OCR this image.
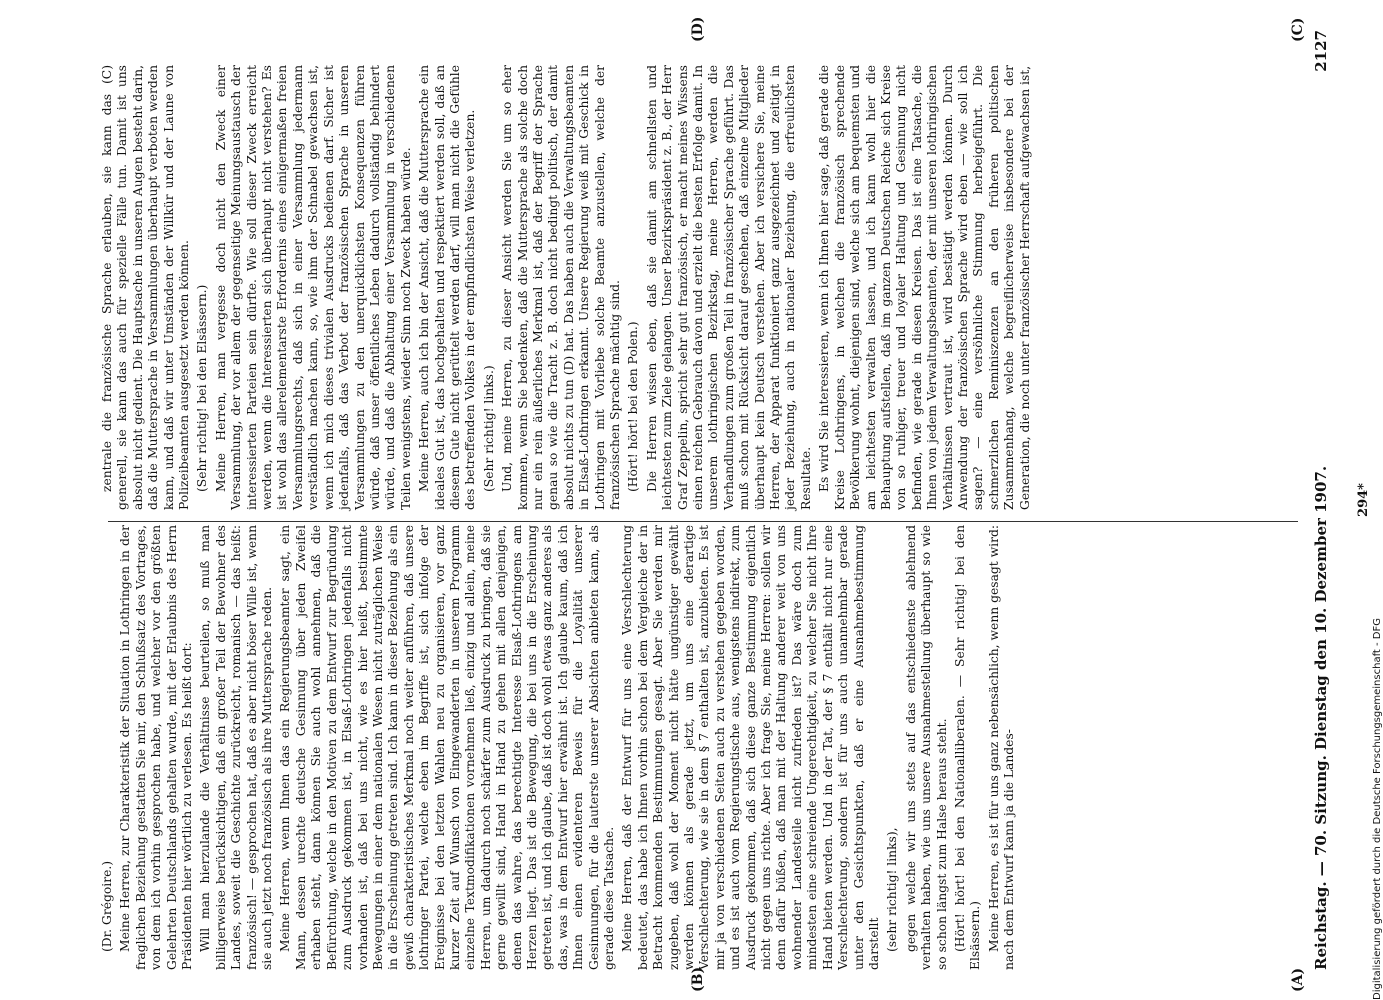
Reichstag. — 70. Sitzung. Dienstag den 10. Dezember 1907.
2127
(A)
(B)
(C)
(D)

(Dr. Grégoire.) Meine Herren, zur Charakteristik der Situation in Lothringen in der fraglichen Beziehung gestatten Sie mir, den Schlußsatz des Vortrages, von dem ich vorhin gesprochen habe, und welcher vor den größten Gelehrten Deutschlands gehalten wurde, mit der Erlaubnis des Herrn Präsidenten hier wörtlich zu verlesen. Es heißt dort: Will man hierzulande die Verhältnisse beurteilen, so muß man billigerweise berücksichtigen, daß ein großer Teil der Bewohner des Landes, soweit die Geschichte zurückreicht, romanisch — das heißt: französisch! — gesprochen hat, daß es aber nicht böser Wille ist, wenn sie auch jetzt noch französisch als ihre Muttersprache reden. Meine Herren, wenn Ihnen das ein Regierungsbeamter sagt, ein Mann, dessen urechte deutsche Gesinnung über jeden Zweifel erhaben steht, dann können Sie auch wohl annehmen, daß die Befürchtung, welche in den Motiven zu dem Entwurf zur Begründung zum Ausdruck gekommen ist, in Elsaß-Lothringen jedenfalls nicht vorhanden ist, daß bei uns nicht, wie es hier heißt, bestimmte Bewegungen in einer dem nationalen Wesen nicht zuträglichen Weise in die Erscheinung getreten sind. Ich kann in dieser Beziehung als ein gewiß charakteristisches Merkmal noch weiter anführen, daß unsere lothringer Partei, welche eben im Begriffe ist, sich infolge der Ereignisse bei den letzten Wahlen neu zu organisieren, vor ganz kurzer Zeit auf Wunsch von Eingewanderten in unserem Programm einzelne Textmodifikationen vornehmen ließ, einzig und allein, meine Herren, um dadurch noch schärfer zum Ausdruck zu bringen, daß sie gerne gewillt sind, Hand in Hand zu gehen mit allen denjenigen, denen das wahre, das berechtigte Interesse Elsaß-Lothringens am Herzen liegt. Das ist die Bewegung, die bei uns in die Erscheinung getreten ist, und ich glaube, daß ist doch wohl etwas ganz anderes als das, was in dem Entwurf hier erwähnt ist. Ich glaube kaum, daß ich Ihnen einen evidenteren Beweis für die Loyalität unserer Gesinnungen, für die lauterste unserer Absichten anbieten kann, als gerade diese Tatsache. Meine Herren, daß der Entwurf für uns eine Verschlechterung bedeutet, das habe ich Ihnen vorhin schon bei dem Vergleiche der in Betracht kommenden Bestimmungen gesagt. Aber Sie werden mir zugeben, daß wohl der Moment nicht hätte ungünstiger gewählt werden können als gerade jetzt, um uns eine derartige Verschlechterung, wie sie in dem § 7 enthalten ist, anzubieten. Es ist mir ja von verschiedenen Seiten auch zu verstehen gegeben worden, und es ist auch vom Regierungstische aus, wenigstens indirekt, zum Ausdruck gekommen, daß sich diese ganze Bestimmung eigentlich nicht gegen uns richte. Aber ich frage Sie, meine Herren: sollen wir denn dafür büßen, daß man mit der Haltung anderer weit von uns wohnender Landesteile nicht zufrieden ist? Das wäre doch zum mindesten eine schreiende Ungerechtigkeit, zu welcher Sie nicht Ihre Hand bieten werden. Und in der Tat, der § 7 enthält nicht nur eine Verschlechterung, sondern ist für uns auch unannehmbar gerade unter den Gesichtspunkten, daß er eine Ausnahmebestimmung darstellt (sehr richtig! links), gegen welche wir uns stets auf das entschiedenste ablehnend verhalten haben, wie uns unsere Ausnahmestellung überhaupt so wie so schon längst zum Halse heraus steht. (Hört! hört! bei den Nationalliberalen. — Sehr richtig! bei den Elsässern.) Meine Herren, es ist für uns ganz nebensächlich, wenn gesagt wird: nach dem Entwurf kann ja die Landes-

zentrale die französische Sprache erlauben, sie kann das (C) generell, sie kann das auch für spezielle Fälle tun. Damit ist uns absolut nicht gedient. Die Hauptsache in unseren Augen besteht darin, daß die Muttersprache in Versammlungen überhaupt verboten werden kann, und daß wir unter Umständen der Willkür und der Laune von Polizeibeamten ausgesetzt werden können. (Sehr richtig! bei den Elsässern.) Meine Herren, man vergesse doch nicht den Zweck einer Versammlung, der vor allem der gegenseitige Meinungsaustausch der interessierten Parteien sein dürfte. Wie soll dieser Zweck erreicht werden, wenn die Interessierten sich überhaupt nicht verstehen? Es ist wohl das allerelementarste Erfordernis eines einigermaßen freien Versammlungsrechts, daß sich in einer Versammlung jedermann verständlich machen kann, so, wie ihm der Schnabel gewachsen ist, wenn ich mich dieses trivialen Ausdrucks bedienen darf. Sicher ist jedenfalls, daß das Verbot der französischen Sprache in unseren Versammlungen zu den unerquicklichsten Konsequenzen führen würde, daß unser öffentliches Leben dadurch vollständig behindert würde, und daß die Abhaltung einer Versammlung in verschiedenen Teilen wenigstens, wieder Sinn noch Zweck haben würde. Meine Herren, auch ich bin der Ansicht, daß die Muttersprache ein ideales Gut ist, das hochgehalten und respektiert werden soll, daß an diesem Gute nicht gerüttelt werden darf, will man nicht die Gefühle des betreffenden Volkes in der empfindlichsten Weise verletzen. (Sehr richtig! links.) Und, meine Herren, zu dieser Ansicht werden Sie um so eher kommen, wenn Sie bedenken, daß die Muttersprache als solche doch nur ein rein äußerliches Merkmal ist, daß der Begriff der Sprache genau so wie die Tracht z. B. doch nicht bedingt politisch, der damit absolut nichts zu tun (D) hat. Das haben auch die Verwaltungsbeamten in Elsaß-Lothringen erkannt. Unsere Regierung weiß mit Geschick in Lothringen mit Vorliebe solche Beamte anzustellen, welche der französischen Sprache mächtig sind. (Hört! hört! bei den Polen.) Die Herren wissen eben, daß sie damit am schnellsten und leichtesten zum Ziele gelangen. Unser Bezirkspräsident z. B., der Herr Graf Zeppelin, spricht sehr gut französisch, er macht meines Wissens einen reichen Gebrauch davon und erzielt die besten Erfolge damit. In unserem lothringischen Bezirkstag, meine Herren, werden die Verhandlungen zum großen Teil in französischer Sprache geführt. Das muß schon mit Rücksicht darauf geschehen, daß einzelne Mitglieder überhaupt kein Deutsch verstehen. Aber ich versichere Sie, meine Herren, der Apparat funktioniert ganz ausgezeichnet und zeitigt in jeder Beziehung, auch in nationaler Beziehung, die erfreulichsten Resultate. Es wird Sie interessieren, wenn ich Ihnen hier sage, daß gerade die Kreise Lothringens, in welchen die französisch sprechende Bevölkerung wohnt, diejenigen sind, welche sich am bequemsten und am leichtesten verwalten lassen, und ich kann wohl hier die Behauptung aufstellen, daß im ganzen Deutschen Reiche sich Kreise von so ruhiger, treuer und loyaler Haltung und Gesinnung nicht befinden, wie gerade in diesen Kreisen. Das ist eine Tatsache, die Ihnen von jedem Verwaltungsbeamten, der mit unseren lothringischen Verhältnissen vertraut ist, wird bestätigt werden können. Durch Anwendung der französischen Sprache wird eben — wie soll ich sagen? — eine versöhnliche Stimmung herbeigeführt. Die schmerzlichen Reminiszenzen an den früheren politischen Zusammenhang, welche begreiflicherweise insbesondere bei der Generation, die noch unter französischer Herrschaft aufgewachsen ist,	294*
Digitalisierung gefördert durch die Deutsche Forschungsgemeinschaft - DFG
